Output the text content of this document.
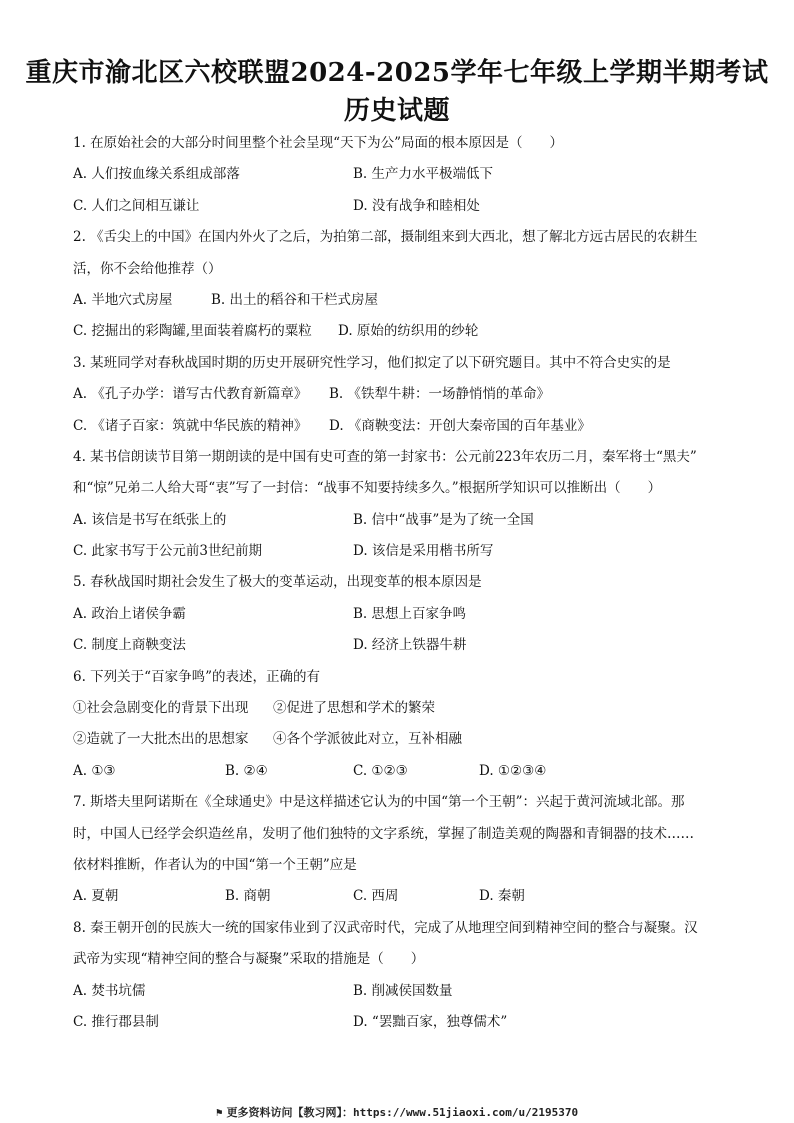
重庆市渝北区六校联盟2024-2025学年七年级上学期半期考试
历史试题
1. 在原始社会的大部分时间里整个社会呈现“天下为公”局面的根本原因是（　　）
A. 人们按血缘关系组成部落	B. 生产力水平极端低下
C. 人们之间相互谦让	D. 没有战争和睦相处
2. 《舌尖上的中国》在国内外火了之后，为拍第二部，摄制组来到大西北，想了解北方远古居民的农耕生
活，你不会给他推荐（）
A. 半地穴式房屋	B. 出土的稻谷和干栏式房屋
C. 挖掘出的彩陶罐,里面装着腐朽的粟粒 D. 原始的纺织用的纱轮
3. 某班同学对春秋战国时期的历史开展研究性学习，他们拟定了以下研究题目。其中不符合史实的是
A. 《孔子办学：谱写古代教育新篇章》 B. 《铁犁牛耕：一场静悄悄的革命》
C. 《诸子百家：筑就中华民族的精神》 D. 《商鞅变法：开创大秦帝国的百年基业》
4. 某书信朗读节目第一期朗读的是中国有史可查的第一封家书：公元前223年农历二月，秦军将士“黑夫”
和“惊”兄弟二人给大哥“衷”写了一封信：“战事不知要持续多久。”根据所学知识可以推断出（　　）
A. 该信是书写在纸张上的	B. 信中“战事”是为了统一全国
C. 此家书写于公元前3世纪前期	D. 该信是采用楷书所写
5. 春秋战国时期社会发生了极大的变革运动，出现变革的根本原因是
A. 政治上诸侯争霸	B. 思想上百家争鸣
C. 制度上商鞅变法	D. 经济上铁器牛耕
6. 下列关于“百家争鸣”的表述，正确的有
①社会急剧变化的背景下出现 ②促进了思想和学术的繁荣
②造就了一大批杰出的思想家 ④各个学派彼此对立，互补相融
A. ①③	B. ②④	C. ①②③	D. ①②③④
7. 斯塔夫里阿诺斯在《全球通史》中是这样描述它认为的中国“第一个王朝”：兴起于黄河流域北部。那
时，中国人已经学会织造丝帛，发明了他们独特的文字系统，掌握了制造美观的陶器和青铜器的技术……
依材料推断，作者认为的中国“第一个王朝”应是
A. 夏朝	B. 商朝	C. 西周	D. 秦朝
8. 秦王朝开创的民族大一统的国家伟业到了汉武帝时代，完成了从地理空间到精神空间的整合与凝聚。汉
武帝为实现“精神空间的整合与凝聚”采取的措施是（　　）
A. 焚书坑儒	B. 削减侯国数量
C. 推行郡县制	D. “罢黜百家，独尊儒术”
⚑ 更多资料访问【教习网】：https://www.51jiaoxi.com/u/2195370
